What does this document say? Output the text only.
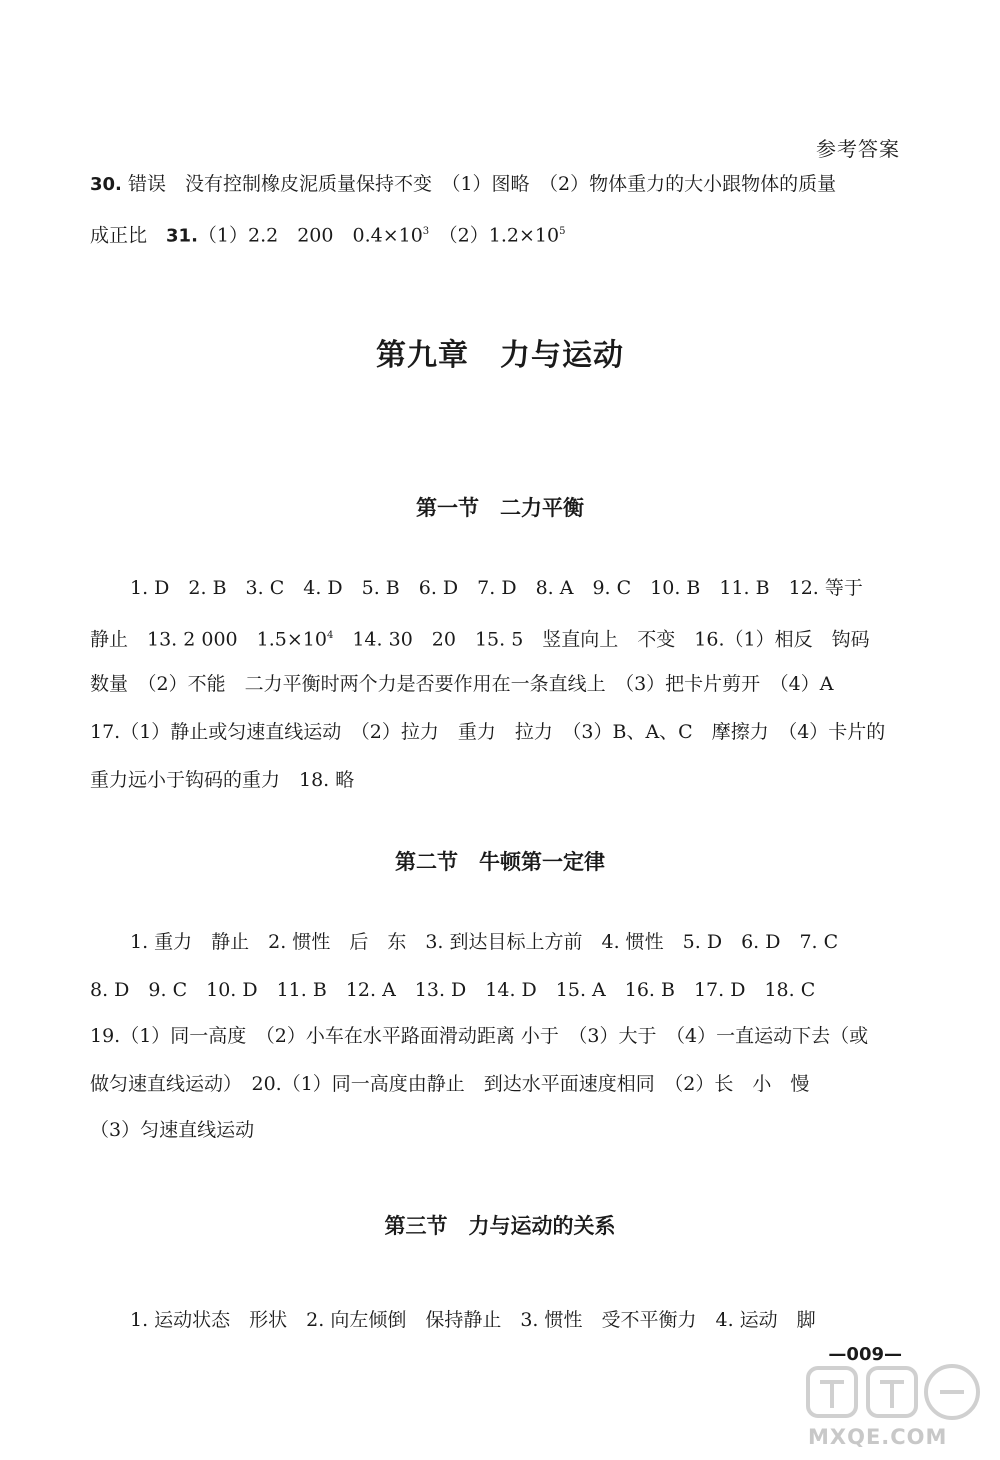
参考答案
30. 错误　没有控制橡皮泥质量保持不变　（1）图略　（2）物体重力的大小跟物体的质量
成正比　31.（1）2.2　200　$0.4\times 10^3$　$(2)1.2\times 10^5$
第九章　力与运动
第一节　二力平衡
1. D　2. B　3. C　4. D　5. B　6. D　7. D　8. A　9. C　10. B　11. B　12. 等于
静止　13. 2 000　$1.5\times 10^4$　14. 30　20　15. 5　竖直向上　不变　16.（1）相反　钩码
数量　（2）不能　二力平衡时两个力是否要作用在一条直线上　（3）把卡片剪开　（4）A
17.（1）静止或匀速直线运动　（2）拉力　重力　拉力　（3）B、A、C　摩擦力　（4）卡片的
重力远小于钩码的重力　18. 略
第二节　牛顿第一定律
1. 重力　静止　2. 惯性　后　东　3. 到达目标上方前　4. 惯性　5. D　6. D　7. C
8. D　9. C　10. D　11. B　12. A　13. D　14. D　15. A　16. B　17. D　18. C
19.（1）同一高度　（2）小车在水平路面滑动距离 小于　（3）大于　（4）一直运动下去（或
做匀速直线运动）　20.（1）同一高度由静止　到达水平面速度相同　（2）长　小　慢
（3）匀速直线运动
第三节　力与运动的关系
1. 运动状态　形状　2. 向左倾倒　保持静止　3. 惯性　受不平衡力　4. 运动　脚
—009—
MXQE.COM
